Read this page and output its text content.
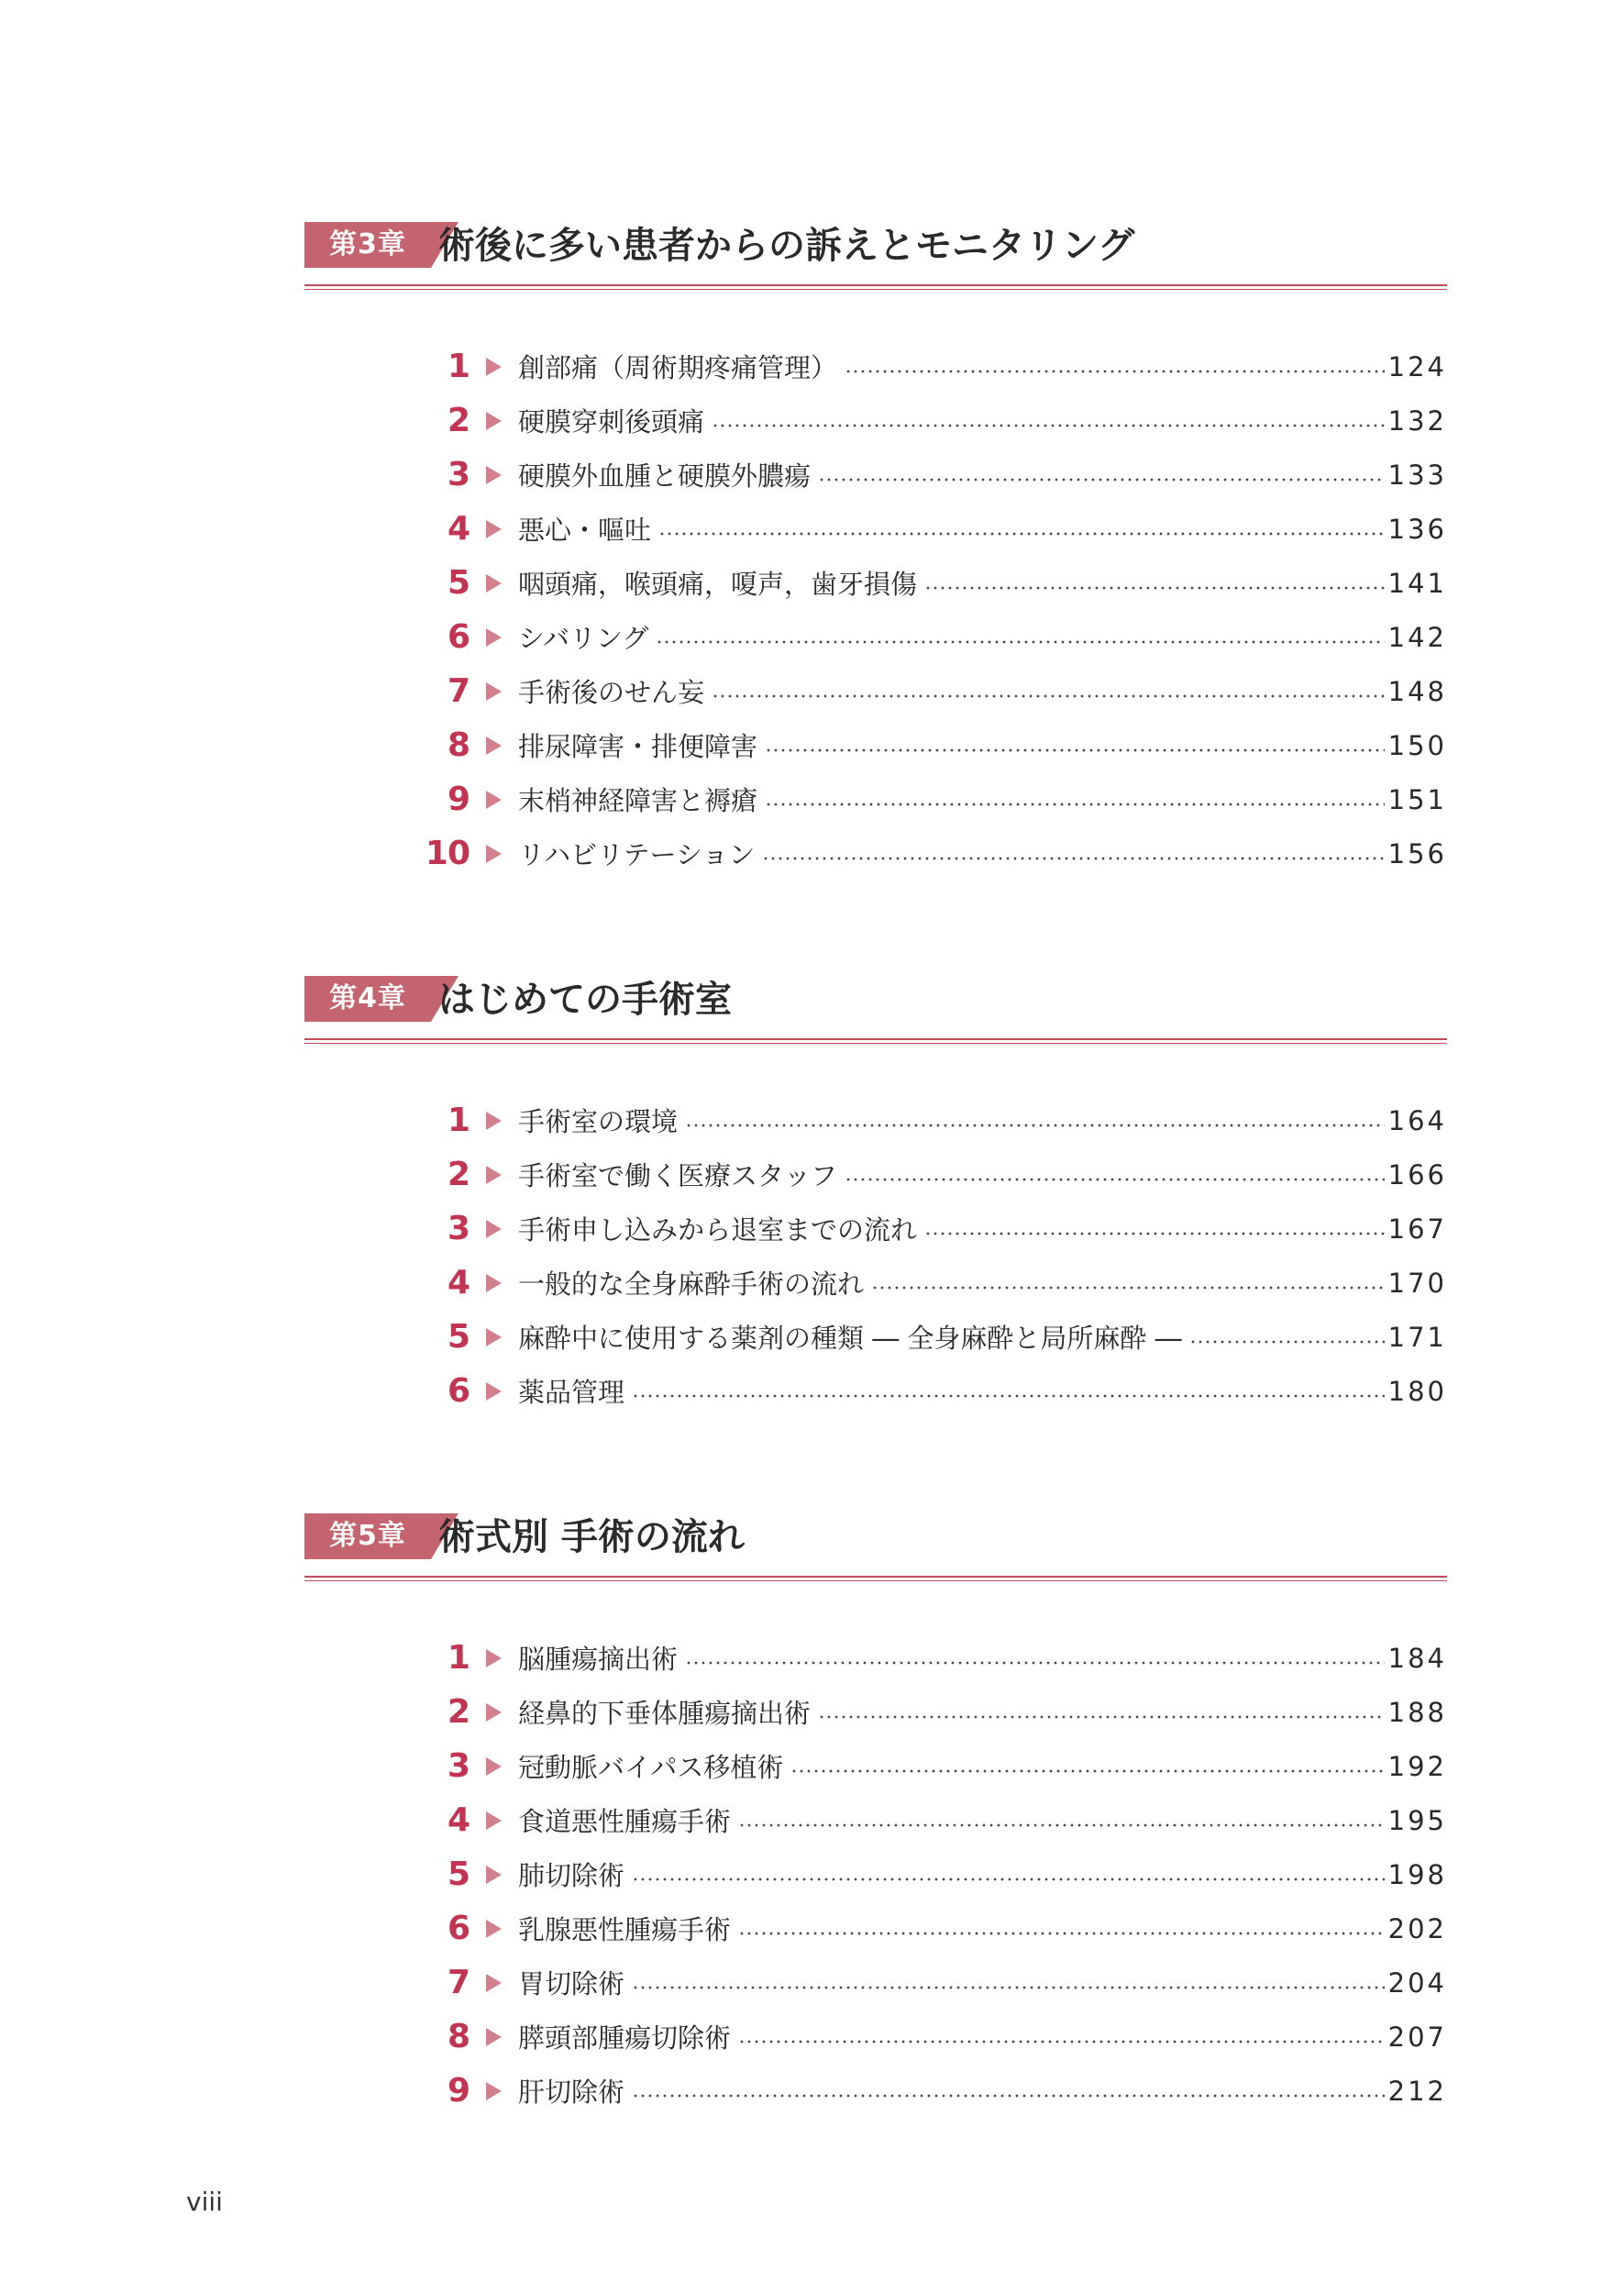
第3章 術後に多い患者からの訴えとモニタリング
1 創部痛（周術期疼痛管理）	124
2 硬膜穿刺後頭痛	132
3 硬膜外血腫と硬膜外膿瘍	133
4 悪心・嘔吐	136
5 咽頭痛，喉頭痛，嗄声，歯牙損傷	141
6 シバリング	142
7 手術後のせん妄	148
8 排尿障害・排便障害	150
9 末梢神経障害と褥瘡	151
10 リハビリテーション	156
第4章 はじめての手術室
1 手術室の環境	164
2 手術室で働く医療スタッフ	166
3 手術申し込みから退室までの流れ	167
4 一般的な全身麻酔手術の流れ	170
5 麻酔中に使用する薬剤の種類 ― 全身麻酔と局所麻酔 ―	171
6 薬品管理	180
第5章 術式別 手術の流れ
1 脳腫瘍摘出術	184
2 経鼻的下垂体腫瘍摘出術	188
3 冠動脈バイパス移植術	192
4 食道悪性腫瘍手術	195
5 肺切除術	198
6 乳腺悪性腫瘍手術	202
7 胃切除術	204
8 膵頭部腫瘍切除術	207
9 肝切除術	212
viii
